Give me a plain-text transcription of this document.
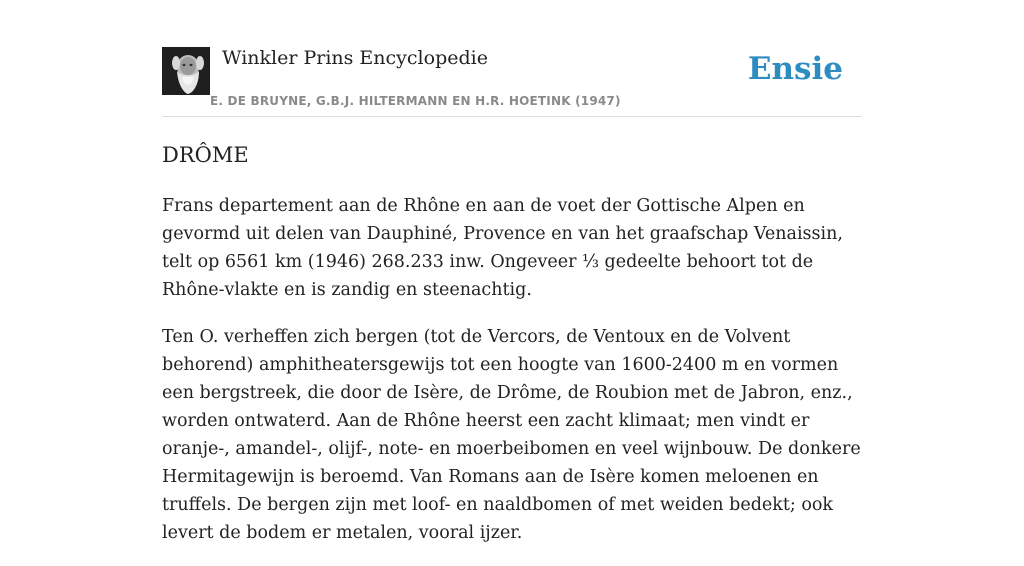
Winkler Prins Encyclopedie
E. DE BRUYNE, G.B.J. HILTERMANN EN H.R. HOETINK (1947)
Ensie
DRÔME

Frans departement aan de Rhône en aan de voet der Gottische Alpen en gevormd uit delen van Dauphiné, Provence en van het graafschap Venaissin, telt op 6561 km (1946) 268.233 inw. Ongeveer ⅓ gedeelte behoort tot de Rhône-vlakte en is zandig en steenachtig.

Ten O. verheffen zich bergen (tot de Vercors, de Ventoux en de Volvent behorend) amphitheatersgewijs tot een hoogte van 1600-2400 m en vormen een bergstreek, die door de Isère, de Drôme, de Roubion met de Jabron, enz., worden ontwaterd. Aan de Rhône heerst een zacht klimaat; men vindt er oranje-, amandel-, olijf-, note- en moerbeibomen en veel wijnbouw. De donkere Hermitagewijn is beroemd. Van Romans aan de Isère komen meloenen en truffels. De bergen zijn met loof- en naaldbomen of met weiden bedekt; ook levert de bodem er metalen, vooral ijzer.
